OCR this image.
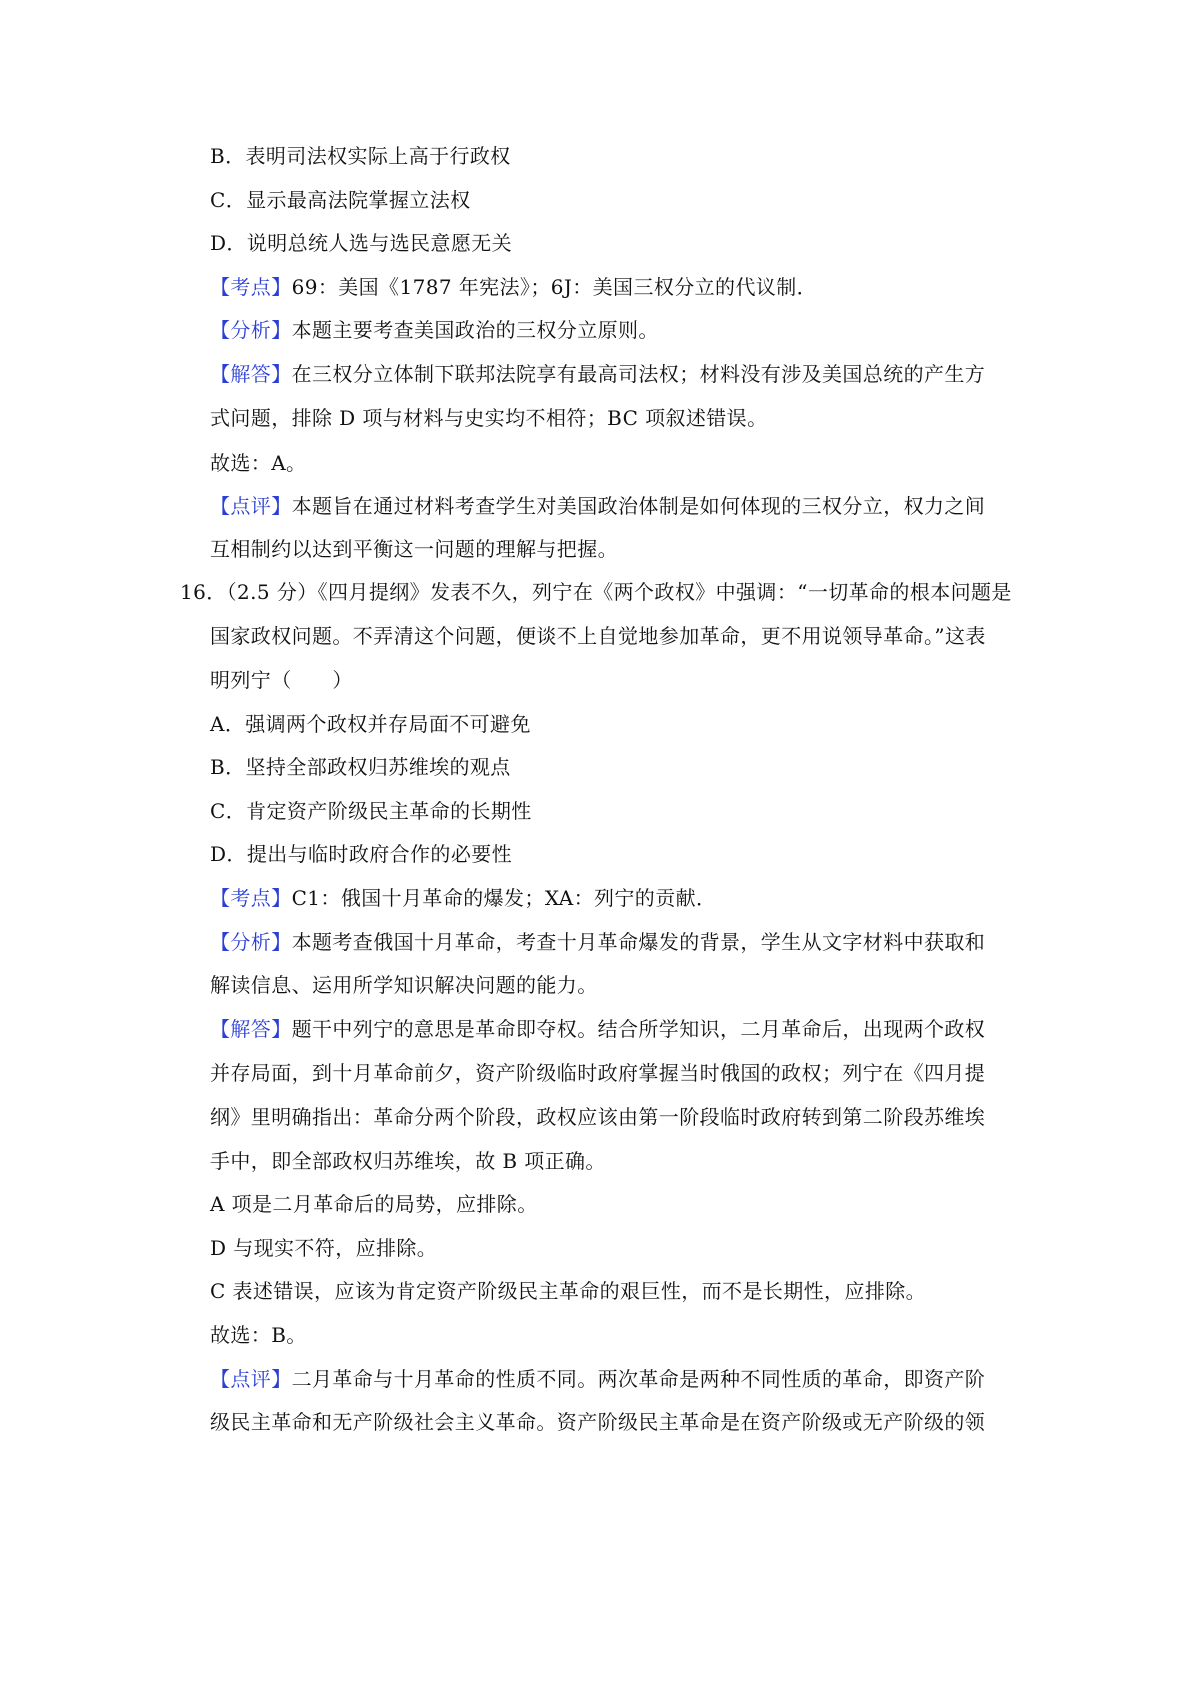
B．表明司法权实际上高于行政权
C．显示最高法院掌握立法权
D．说明总统人选与选民意愿无关
【考点】69：美国《1787 年宪法》；6J：美国三权分立的代议制．
【分析】本题主要考查美国政治的三权分立原则。
【解答】在三权分立体制下联邦法院享有最高司法权；材料没有涉及美国总统的产生方
式问题，排除 D 项与材料与史实均不相符；BC 项叙述错误。
故选：A。
【点评】本题旨在通过材料考查学生对美国政治体制是如何体现的三权分立，权力之间
互相制约以达到平衡这一问题的理解与把握。
16．（2.5 分）《四月提纲》发表不久，列宁在《两个政权》中强调：“一切革命的根本问题是
国家政权问题。不弄清这个问题，便谈不上自觉地参加革命，更不用说领导革命。”这表
明列宁（　　）
A．强调两个政权并存局面不可避免
B．坚持全部政权归苏维埃的观点
C．肯定资产阶级民主革命的长期性
D．提出与临时政府合作的必要性
【考点】C1：俄国十月革命的爆发；XA：列宁的贡献．
【分析】本题考查俄国十月革命，考查十月革命爆发的背景，学生从文字材料中获取和
解读信息、运用所学知识解决问题的能力。
【解答】题干中列宁的意思是革命即夺权。结合所学知识，二月革命后，出现两个政权
并存局面，到十月革命前夕，资产阶级临时政府掌握当时俄国的政权；列宁在《四月提
纲》里明确指出：革命分两个阶段，政权应该由第一阶段临时政府转到第二阶段苏维埃
手中，即全部政权归苏维埃，故 B 项正确。
A 项是二月革命后的局势，应排除。
D 与现实不符，应排除。
C 表述错误，应该为肯定资产阶级民主革命的艰巨性，而不是长期性，应排除。
故选：B。
【点评】二月革命与十月革命的性质不同。两次革命是两种不同性质的革命，即资产阶
级民主革命和无产阶级社会主义革命。资产阶级民主革命是在资产阶级或无产阶级的领
